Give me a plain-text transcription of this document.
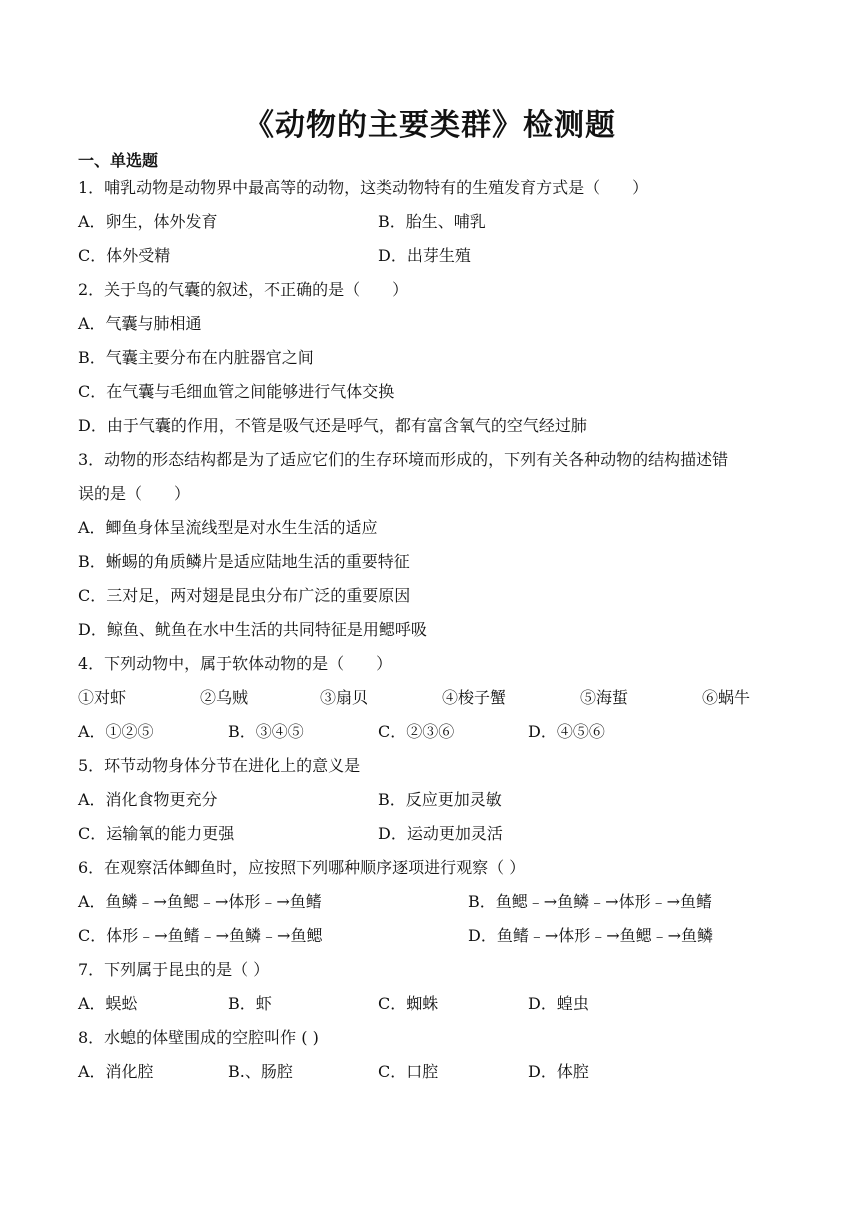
《动物的主要类群》检测题
一、单选题
1．哺乳动物是动物界中最高等的动物，这类动物特有的生殖发育方式是（　　）
A．卵生，体外发育	B．胎生、哺乳
C．体外受精	D．出芽生殖
2．关于鸟的气囊的叙述，不正确的是（　　）
A．气囊与肺相通
B．气囊主要分布在内脏器官之间
C．在气囊与毛细血管之间能够进行气体交换
D．由于气囊的作用，不管是吸气还是呼气，都有富含氧气的空气经过肺
3．动物的形态结构都是为了适应它们的生存环境而形成的，下列有关各种动物的结构描述错
误的是（　　）
A．鲫鱼身体呈流线型是对水生生活的适应
B．蜥蜴的角质鳞片是适应陆地生活的重要特征
C．三对足，两对翅是昆虫分布广泛的重要原因
D．鲸鱼、鱿鱼在水中生活的共同特征是用鳃呼吸
4．下列动物中，属于软体动物的是（　　）
①对虾	②乌贼	③扇贝	④梭子蟹	⑤海蜇	⑥蜗牛
A．①②⑤	B．③④⑤	C．②③⑥	D．④⑤⑥
5．环节动物身体分节在进化上的意义是
A．消化食物更充分	B．反应更加灵敏
C．运输氧的能力更强	D．运动更加灵活
6．在观察活体鲫鱼时，应按照下列哪种顺序逐项进行观察（ ）
A．鱼鳞﹣→鱼鳃﹣→体形﹣→鱼鳍	B．鱼鳃﹣→鱼鳞﹣→体形﹣→鱼鳍
C．体形﹣→鱼鳍﹣→鱼鳞﹣→鱼鳃	D．鱼鳍﹣→体形﹣→鱼鳃﹣→鱼鳞
7．下列属于昆虫的是（ ）
A．蜈蚣	B．虾	C．蜘蛛	D．蝗虫
8．水螅的体壁围成的空腔叫作 ( )
A．消化腔	B.、肠腔	C．口腔	D．体腔
